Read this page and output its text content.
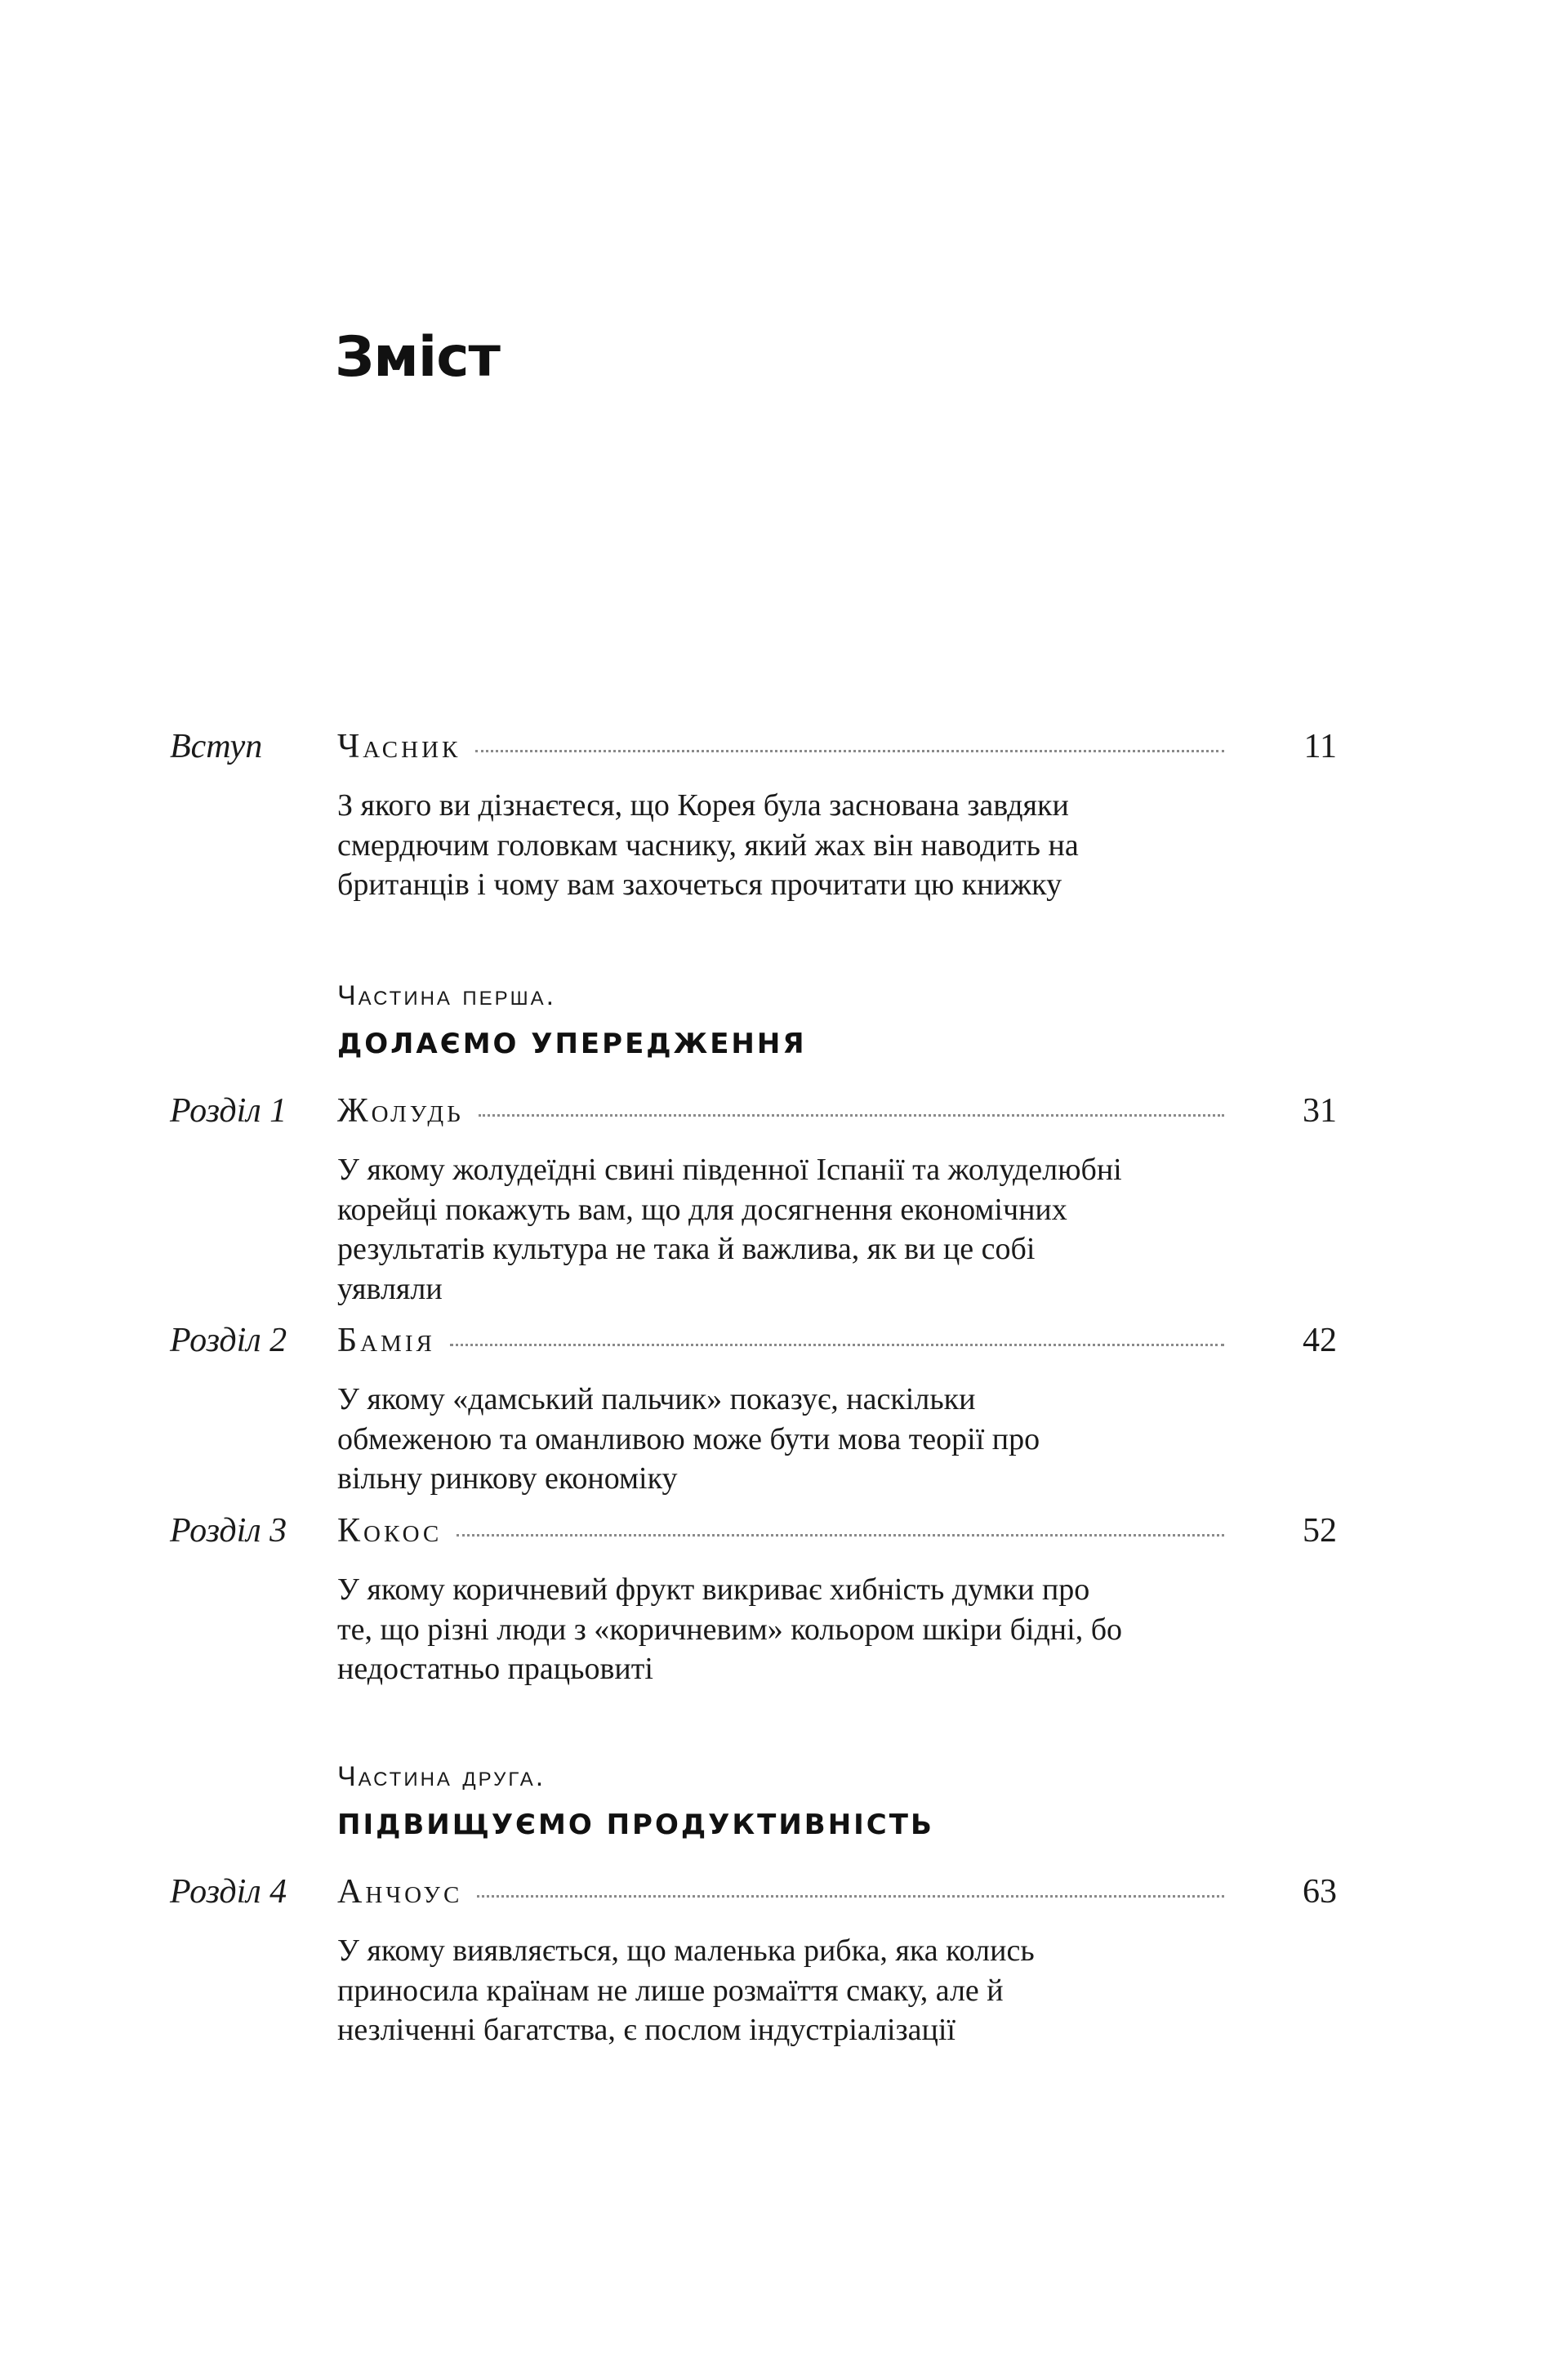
Зміст
Вступ Часник	11

З якого ви дізнаєтеся, що Корея була заснована завдяки
смердючим головкам часнику, який жах він наводить на
британців і чому вам захочеться прочитати цю книжку

Частина перша.
ДОЛАЄМО УПЕРЕДЖЕННЯ
Розділ 1 Жолудь	31

У якому жолудеїдні свині південної Іспанії та жолуделюбні
корейці покажуть вам, що для досягнення економічних
результатів культура не така й важлива, як ви це собі
уявляли

Розділ 2 Бамія	42

У якому «дамський пальчик» показує, наскільки
обмеженою та оманливою може бути мова теорії про
вільну ринкову економіку

Розділ 3 Кокос	52

У якому коричневий фрукт викриває хибність думки про
те, що різні люди з «коричневим» кольором шкіри бідні, бо
недостатньо працьовиті

Частина друга.
ПІДВИЩУЄМО ПРОДУКТИВНІСТЬ
Розділ 4 Анчоус	63

У якому виявляється, що маленька рибка, яка колись
приносила країнам не лише розмаїття смаку, але й
незліченні багатства, є послом індустріалізації
